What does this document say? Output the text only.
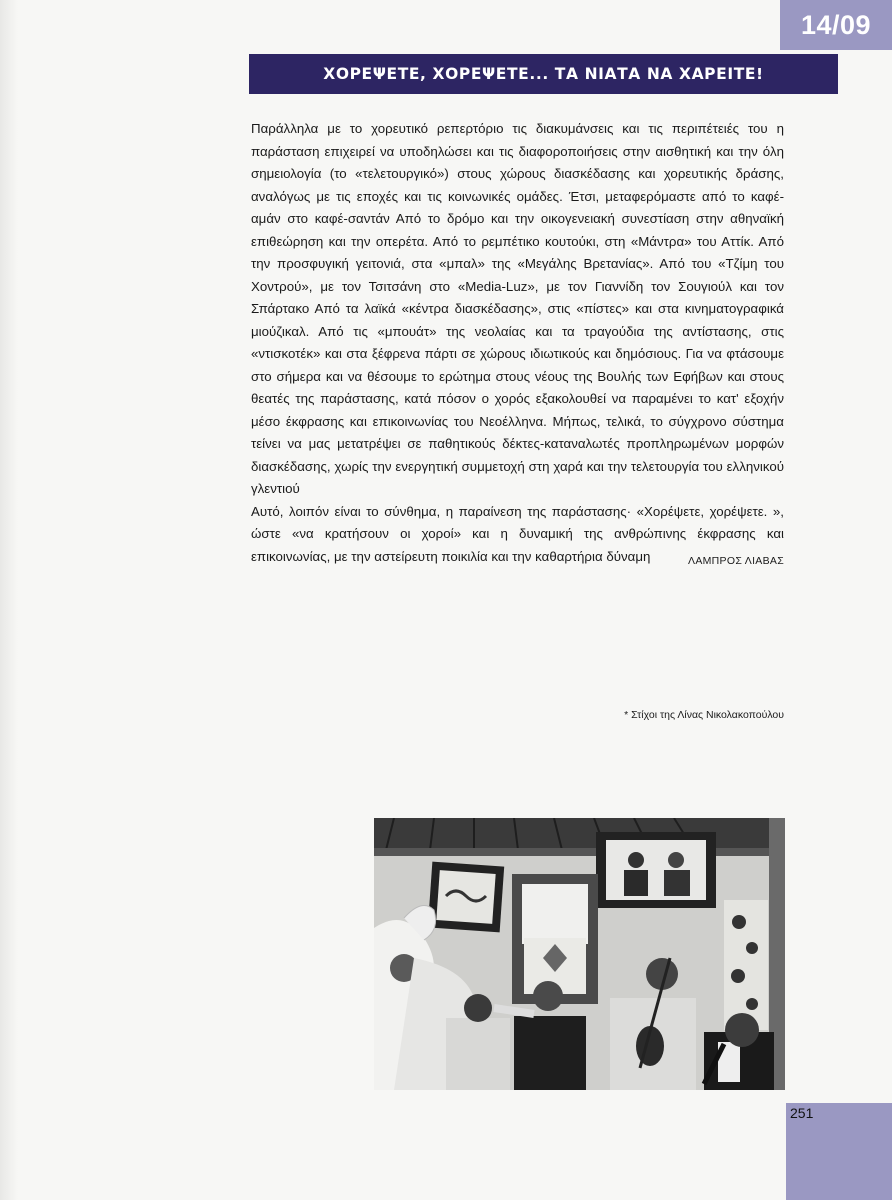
14/09
ΧΟΡΕΨΕΤΕ, ΧΟΡΕΨΕΤΕ... ΤΑ ΝΙΑΤΑ ΝΑ ΧΑΡΕΙΤΕ!

Παράλληλα με το χορευτικό ρεπερτόριο τις διακυμάνσεις και τις περιπέτειές του η παράσταση επιχειρεί να υποδηλώσει και τις διαφοροποιήσεις στην αισθητική και την όλη σημειολογία (το «τελετουργικό») στους χώρους διασκέδασης και χορευτικής δράσης, αναλόγως με τις εποχές και τις κοινωνικές ομάδες. Έτσι, μεταφερόμαστε από το καφέ-αμάν στο καφέ-σαντάν Από το δρόμο και την οικογενειακή συνεστίαση στην αθηναϊκή επιθεώρηση και την οπερέτα. Από το ρεμπέτικο κουτούκι, στη «Μάντρα» του Αττίκ. Από την προσφυγική γειτονιά, στα «μπαλ» της «Μεγάλης Βρετανίας». Από του «Τζίμη του Χοντρού», με τον Τσιτσάνη στο «Media-Luz», με τον Γιαννίδη τον Σουγιούλ και τον Σπάρτακο Από τα λαϊκά «κέντρα διασκέδασης», στις «πίστες» και στα κινηματογραφικά μιούζικαλ. Από τις «μπουάτ» της νεολαίας και τα τραγούδια της αντίστασης, στις «ντισκοτέκ» και στα ξέφρενα πάρτι σε χώρους ιδιωτικούς και δημόσιους. Για να φτάσουμε στο σήμερα και να θέσουμε το ερώτημα στους νέους της Βουλής των Εφήβων και στους θεατές της παράστασης, κατά πόσον ο χορός εξακολουθεί να παραμένει το κατ' εξοχήν μέσο έκφρασης και επικοινωνίας του Νεοέλληνα. Μήπως, τελικά, το σύγχρονο σύστημα τείνει να μας μετατρέψει σε παθητικούς δέκτες-καταναλωτές προπληρωμένων μορφών διασκέδασης, χωρίς την ενεργητική συμμετοχή στη χαρά και την τελετουργία του ελληνικού γλεντιού

Αυτό, λοιπόν είναι το σύνθημα, η παραίνεση της παράστασης· «Χορέψετε, χορέψετε. », ώστε «να κρατήσουν οι χοροί» και η δυναμική της ανθρώπινης έκφρασης και επικοινωνίας, με την αστείρευτη ποικιλία και την καθαρτήρια δύναμη	ΛΑΜΠΡΟΣ ΛΙΑΒΑΣ
* Στίχοι της Λίνας Νικολακοπούλου
251
